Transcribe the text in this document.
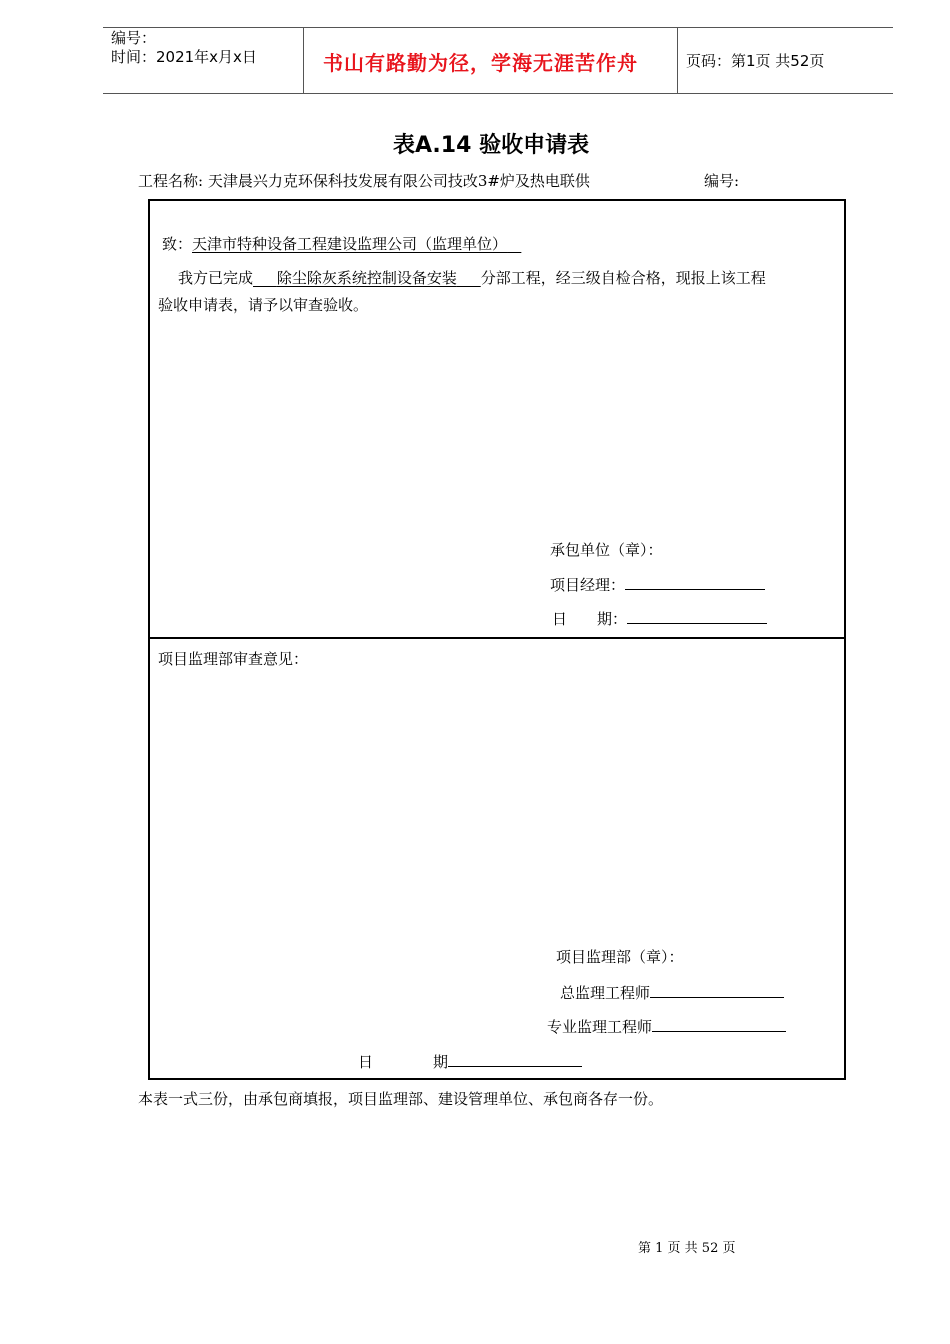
编号：
时间：2021年x月x日	书山有路勤为径，学海无涯苦作舟	页码：第1页 共52页
表A.14 验收申请表
工程名称: 天津晨兴力克环保科技发展有限公司技改3#炉及热电联供	编号:
致：天津市特种设备工程建设监理公司（监理单位）
我方已完成 除尘除灰系统控制设备安装 分部工程，经三级自检合格，现报上该工程
验收申请表，请予以审查验收。
承包单位（章）：
项目经理：
日　　期：
项目监理部审查意见：
项目监理部（章）：
总监理工程师
专业监理工程师
日　　　　期
本表一式三份，由承包商填报，项目监理部、建设管理单位、承包商各存一份。
第 1 页 共 52 页
